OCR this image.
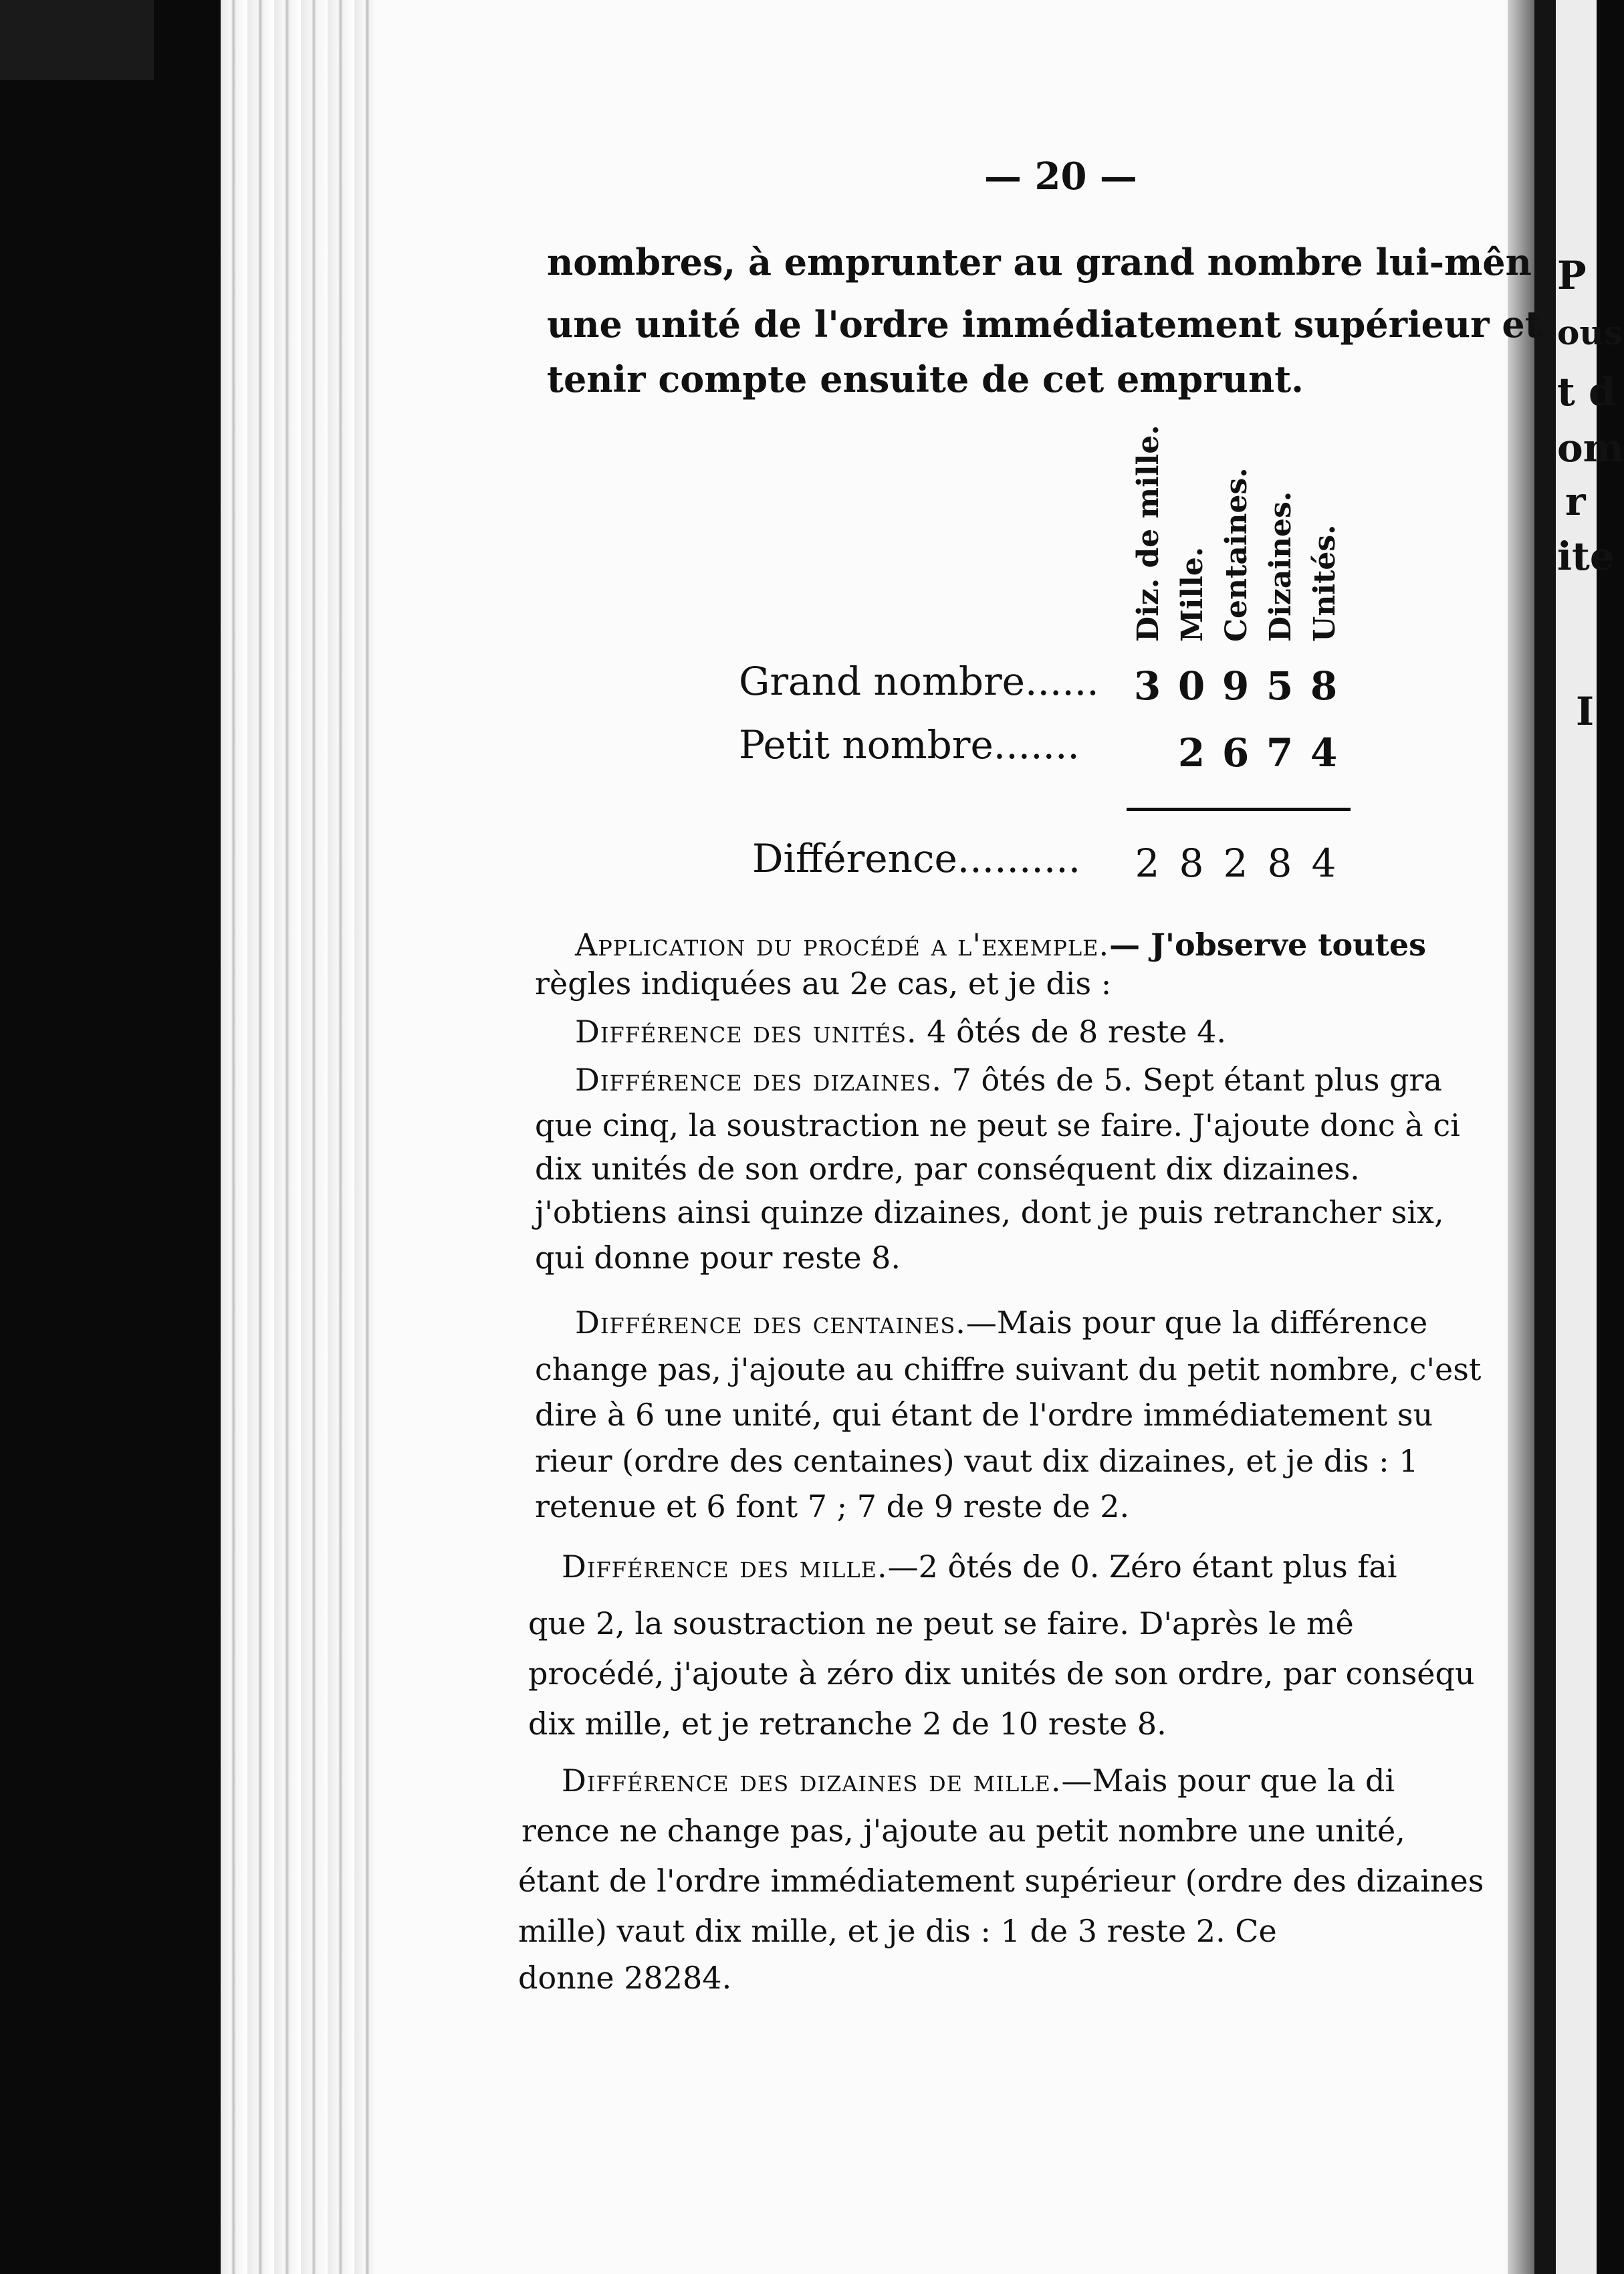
P
ous
t d
om
r
ite
I
— 20 —
nombres, à emprunter au grand nombre lui-mên
une unité de l'ordre immédiatement supérieur et
tenir compte ensuite de cet emprunt.
Diz. de mille. Mille. Centaines. Dizaines. Unités.
Grand nombre...... 3 0 9 5 8
Petit nombre.......	2 6 7 4
Différence.......... 2 8 2 8 4
Application du procédé a l'exemple.— J'observe toutes
règles indiquées au 2e cas, et je dis :
Différence des unités. 4 ôtés de 8 reste 4.
Différence des dizaines. 7 ôtés de 5. Sept étant plus gra
que cinq, la soustraction ne peut se faire. J'ajoute donc à ci
dix unités de son ordre, par conséquent dix dizaines.
j'obtiens ainsi quinze dizaines, dont je puis retrancher six,
qui donne pour reste 8.
Différence des centaines.—Mais pour que la différence
change pas, j'ajoute au chiffre suivant du petit nombre, c'est
dire à 6 une unité, qui étant de l'ordre immédiatement su
rieur (ordre des centaines) vaut dix dizaines, et je dis : 1
retenue et 6 font 7 ; 7 de 9 reste de 2.
Différence des mille.—2 ôtés de 0. Zéro étant plus fai
que 2, la soustraction ne peut se faire. D'après le mê
procédé, j'ajoute à zéro dix unités de son ordre, par conséqu
dix mille, et je retranche 2 de 10 reste 8.
Différence des dizaines de mille.—Mais pour que la di
rence ne change pas, j'ajoute au petit nombre une unité,
étant de l'ordre immédiatement supérieur (ordre des dizaines
mille) vaut dix mille, et je dis : 1 de 3 reste 2. Ce
donne 28284.
